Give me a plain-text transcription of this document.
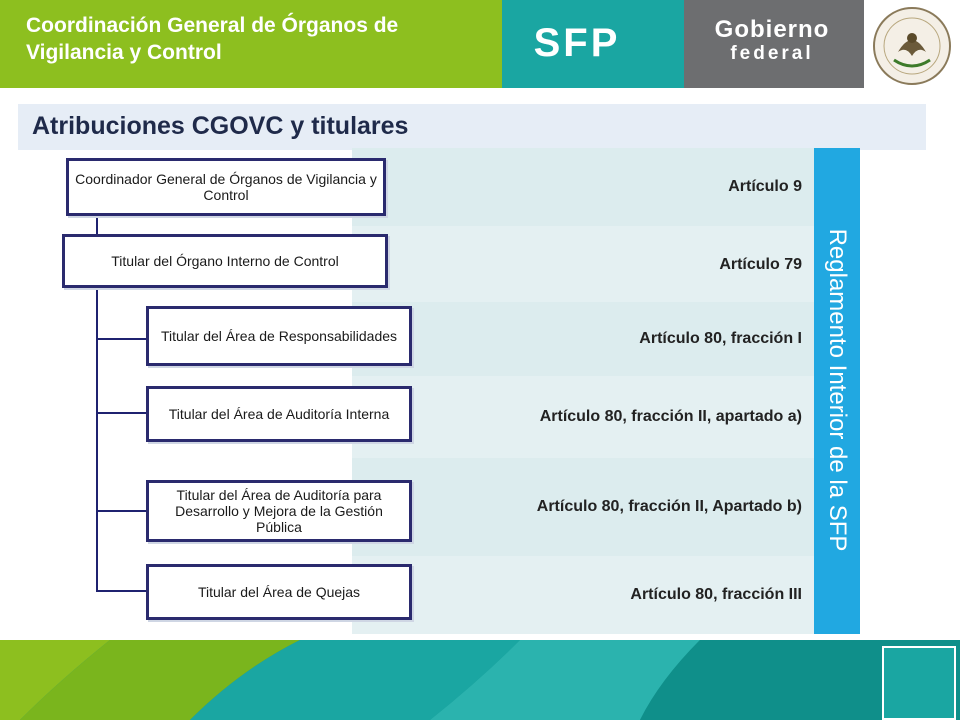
Coordinación General de Órganos de Vigilancia y Control	SFP	Gobierno
federal
Atribuciones CGOVC y titulares
Artículo 9
Artículo 79
Artículo 80, fracción I
Artículo 80, fracción II, apartado a)
Artículo 80, fracción II, Apartado b)
Artículo 80, fracción III
Reglamento Interior de la SFP
Coordinador General de Órganos de Vigilancia y Control
Titular del Órgano Interno de Control
Titular del Área de Responsabilidades
Titular del Área de Auditoría Interna
Titular del Área de Auditoría para Desarrollo y Mejora de la Gestión Pública
Titular del Área de Quejas
